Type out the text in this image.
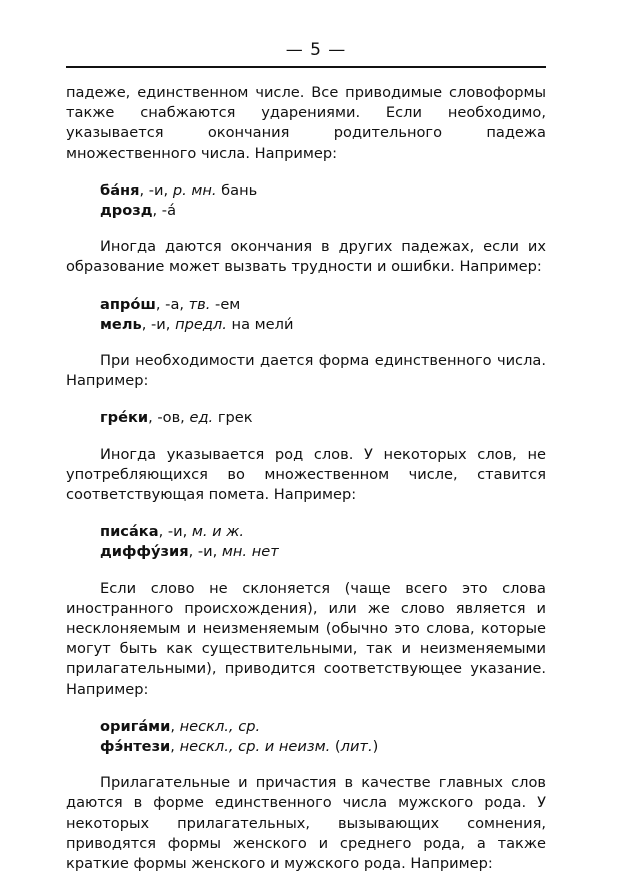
— 5 —

падеже, единственном числе. Все приводимые словоформы также снабжаются ударениями. Если необходимо, указывается окончания родительного падежа множественного числа. Например:

ба́ня, -и, р. мн. бань
дрозд, -а́

Иногда даются окончания в других падежах, если их образование может вызвать трудности и ошибки. Например:

апро́ш, -а, тв. -ем
мель, -и, предл. на мели́

При необходимости дается форма единственного числа. Например:

гре́ки, -ов, ед. грек

Иногда указывается род слов. У некоторых слов, не употребляющихся во множественном числе, ставится соответствующая помета. Например:

писа́ка, -и, м. и ж.
диффу́зия, -и, мн. нет

Если слово не склоняется (чаще всего это слова иностранного происхождения), или же слово является и несклоняемым и неизменяемым (обычно это слова, которые могут быть как существительными, так и неизменяемыми прилагательными), приводится соответствующее указание. Например:

орига́ми, нескл., ср.
фэ́нтези, нескл., ср. и неизм. (лит.)

Прилагательные и причастия в качестве главных слов даются в форме единственного числа мужского рода. У некоторых прилагательных, вызывающих сомнения, приводятся формы женского и среднего рода, а также краткие формы женского и мужского рода. Например:
